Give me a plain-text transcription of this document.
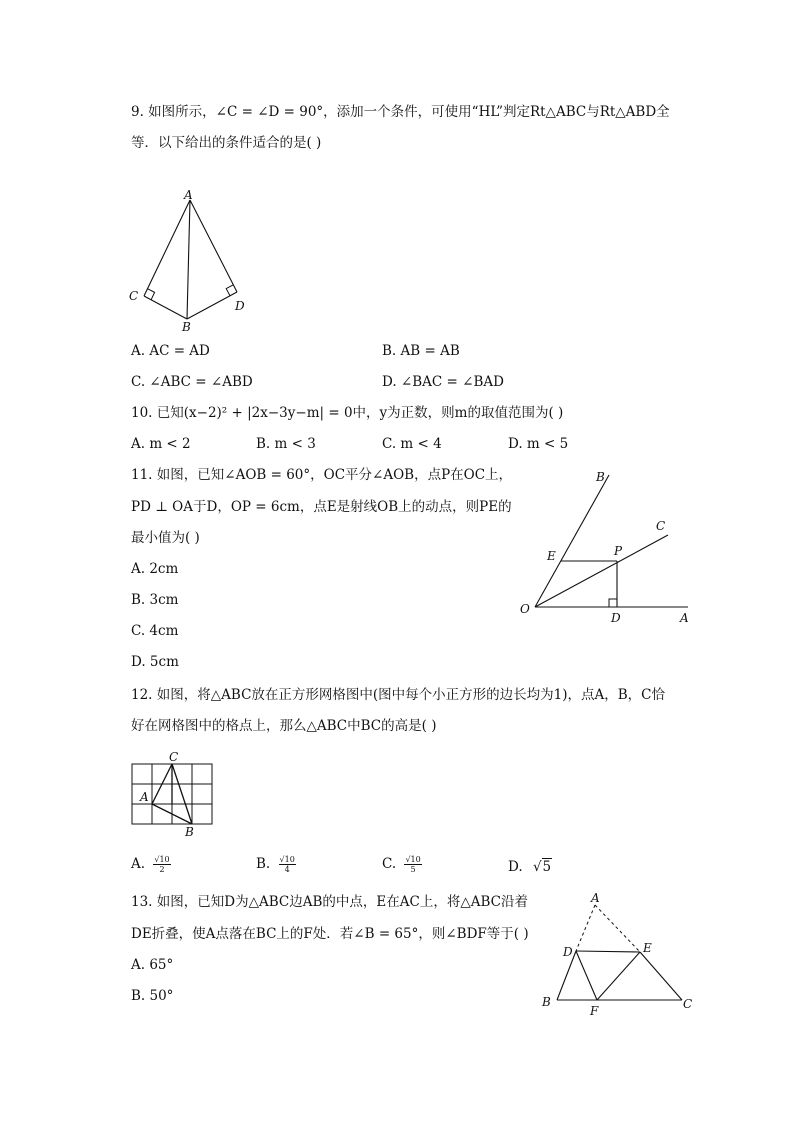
9. 如图所示，∠C = ∠D = 90°，添加一个条件，可使用“HL”判定Rt△ABC与Rt△ABD全
等．以下给出的条件适合的是( )
A
C
D
B
A. AC = AD	B. AB = AB
C. ∠ABC = ∠ABD	D. ∠BAC = ∠BAD
10. 已知(x−2)² + |2x−3y−m| = 0中，y为正数，则m的取值范围为( )
A. m < 2	B. m < 3	C. m < 4	D. m < 5
11. 如图，已知∠AOB = 60°，OC平分∠AOB，点P在OC上，
PD ⊥ OA于D，OP = 6cm，点E是射线OB上的动点，则PE的
最小值为( )
A. 2cm
B. 3cm
C. 4cm
D. 5cm
B
C
E	P
O
D	A
12. 如图，将△ABC放在正方形网格图中(图中每个小正方形的边长均为1)，点A，B，C恰
好在网格图中的格点上，那么△ABC中BC的高是( )
C
A
B
A. $\frac{√10}{2}$	B. $\frac{√10}{4}$	C. $\frac{√10}{5}$	D. √5
13. 如图，已知D为△ABC边AB的中点，E在AC上，将△ABC沿着
DE折叠，使A点落在BC上的F处．若∠B = 65°，则∠BDF等于( )
A. 65°
B. 50°
A
D	E
B
F	C
